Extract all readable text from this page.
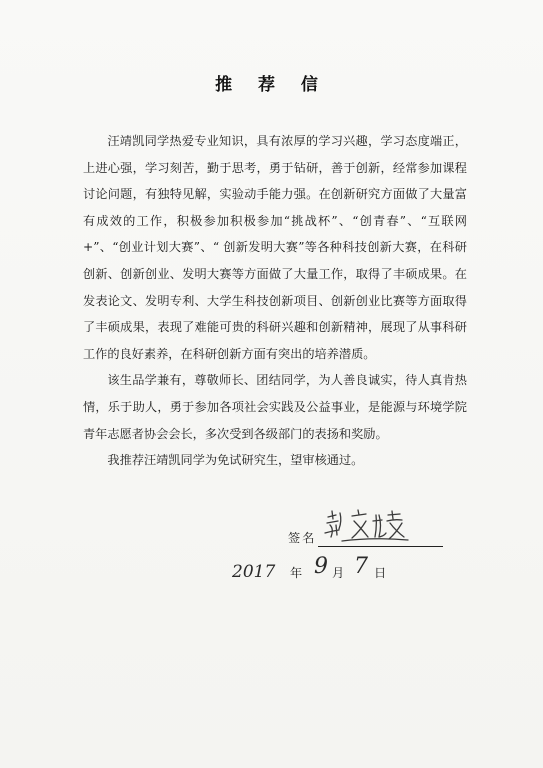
推 荐 信

汪靖凯同学热爱专业知识，具有浓厚的学习兴趣，学习态度端正，上进心强，学习刻苦，勤于思考，勇于钻研，善于创新，经常参加课程讨论问题，有独特见解，实验动手能力强。在创新研究方面做了大量富有成效的工作，积极参加积极参加“挑战杯”、“创青春”、“互联网+”、“创业计划大赛”、“ 创新发明大赛”等各种科技创新大赛，在科研创新、创新创业、发明大赛等方面做了大量工作，取得了丰硕成果。在发表论文、发明专利、大学生科技创新项目、创新创业比赛等方面取得了丰硕成果，表现了难能可贵的科研兴趣和创新精神，展现了从事科研工作的良好素养，在科研创新方面有突出的培养潜质。

该生品学兼有，尊敬师长、团结同学，为人善良诚实，待人真肯热情，乐于助人，勇于参加各项社会实践及公益事业，是能源与环境学院青年志愿者协会会长，多次受到各级部门的表扬和奖励。

我推荐汪靖凯同学为免试研究生，望审核通过。

签名
2017 年 9 月 7 日
